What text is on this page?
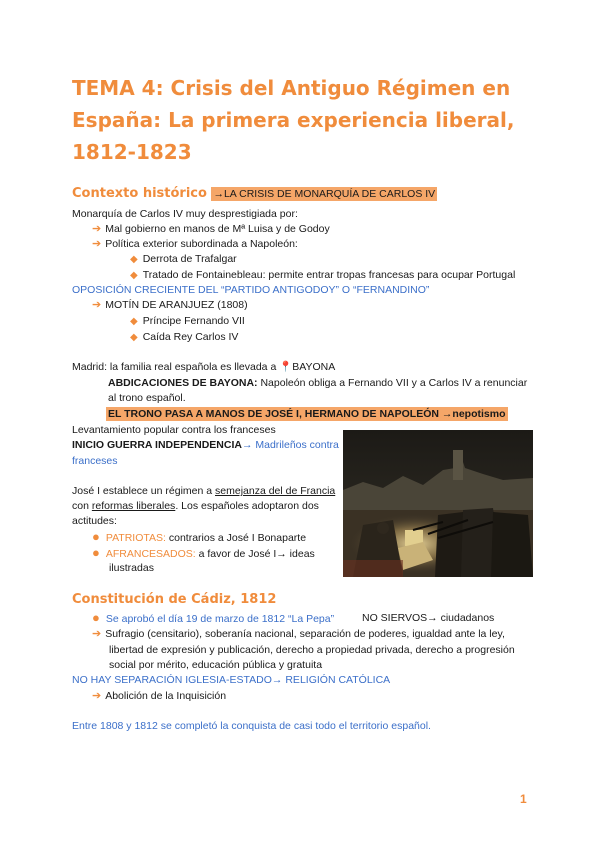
TEMA 4: Crisis del Antiguo Régimen en
España: La primera experiencia liberal,
1812-1823
Contexto histórico →LA CRISIS DE MONARQUÍA DE CARLOS IV
Monarquía de Carlos IV muy desprestigiada por:
➔ Mal gobierno en manos de Mª Luisa y de Godoy
➔ Política exterior subordinada a Napoleón:
◆ Derrota de Trafalgar
◆ Tratado de Fontainebleau: permite entrar tropas francesas para ocupar Portugal
OPOSICIÓN CRECIENTE DEL “PARTIDO ANTIGODOY” O “FERNANDINO”
➔ MOTÍN DE ARANJUEZ (1808)
◆ Príncipe Fernando VII
◆ Caída Rey Carlos IV
Madrid: la familia real española es llevada a 📍BAYONA
ABDICACIONES DE BAYONA: Napoleón obliga a Fernando VII y a Carlos IV a renunciar
al trono español.
EL TRONO PASA A MANOS DE JOSÉ I, HERMANO DE NAPOLEÓN →nepotismo
Levantamiento popular contra los franceses
INICIO GUERRA INDEPENDENCIA→ Madrileños contra
franceses
José I establece un régimen a semejanza del de Francia
con reformas liberales. Los españoles adoptaron dos
actitudes:
● PATRIOTAS: contrarios a José I Bonaparte
● AFRANCESADOS: a favor de José I→ ideas
ilustradas
Constitución de Cádiz, 1812
● Se aprobó el día 19 de marzo de 1812 “La Pepa”	NO SIERVOS→ ciudadanos
➔ Sufragio (censitario), soberanía nacional, separación de poderes, igualdad ante la ley,
libertad de expresión y publicación, derecho a propiedad privada, derecho a progresión
social por mérito, educación pública y gratuita
NO HAY SEPARACIÓN IGLESIA-ESTADO→ RELIGIÓN CATÓLICA
➔ Abolición de la Inquisición
Entre 1808 y 1812 se completó la conquista de casi todo el territorio español.
1
